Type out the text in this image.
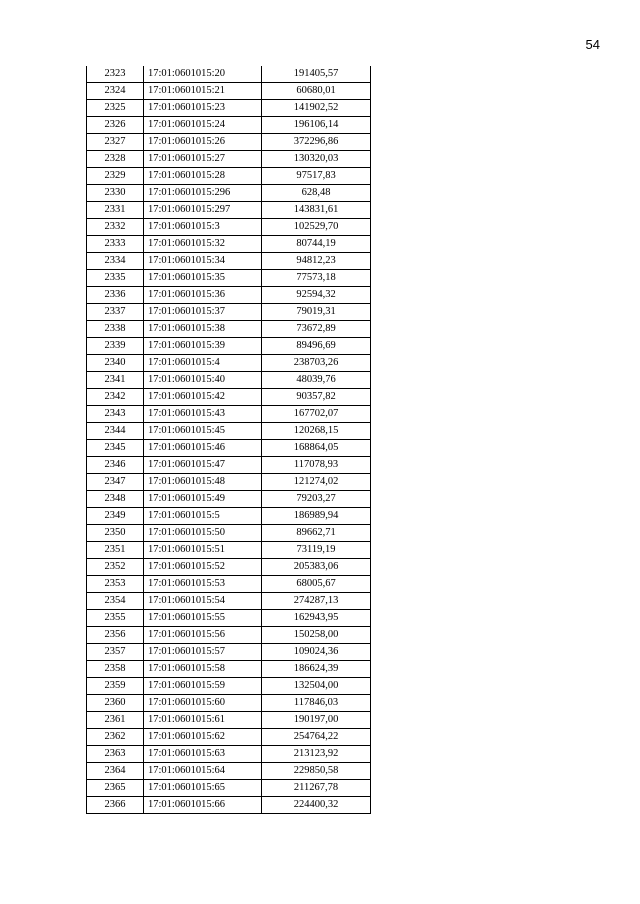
54
2323	17:01:0601015:20	191405,57
2324	17:01:0601015:21	60680,01
2325	17:01:0601015:23	141902,52
2326	17:01:0601015:24	196106,14
2327	17:01:0601015:26	372296,86
2328	17:01:0601015:27	130320,03
2329	17:01:0601015:28	97517,83
2330	17:01:0601015:296	628,48
2331	17:01:0601015:297	143831,61
2332	17:01:0601015:3	102529,70
2333	17:01:0601015:32	80744,19
2334	17:01:0601015:34	94812,23
2335	17:01:0601015:35	77573,18
2336	17:01:0601015:36	92594,32
2337	17:01:0601015:37	79019,31
2338	17:01:0601015:38	73672,89
2339	17:01:0601015:39	89496,69
2340	17:01:0601015:4	238703,26
2341	17:01:0601015:40	48039,76
2342	17:01:0601015:42	90357,82
2343	17:01:0601015:43	167702,07
2344	17:01:0601015:45	120268,15
2345	17:01:0601015:46	168864,05
2346	17:01:0601015:47	117078,93
2347	17:01:0601015:48	121274,02
2348	17:01:0601015:49	79203,27
2349	17:01:0601015:5	186989,94
2350	17:01:0601015:50	89662,71
2351	17:01:0601015:51	73119,19
2352	17:01:0601015:52	205383,06
2353	17:01:0601015:53	68005,67
2354	17:01:0601015:54	274287,13
2355	17:01:0601015:55	162943,95
2356	17:01:0601015:56	150258,00
2357	17:01:0601015:57	109024,36
2358	17:01:0601015:58	186624,39
2359	17:01:0601015:59	132504,00
2360	17:01:0601015:60	117846,03
2361	17:01:0601015:61	190197,00
2362	17:01:0601015:62	254764,22
2363	17:01:0601015:63	213123,92
2364	17:01:0601015:64	229850,58
2365	17:01:0601015:65	211267,78
2366	17:01:0601015:66	224400,32
